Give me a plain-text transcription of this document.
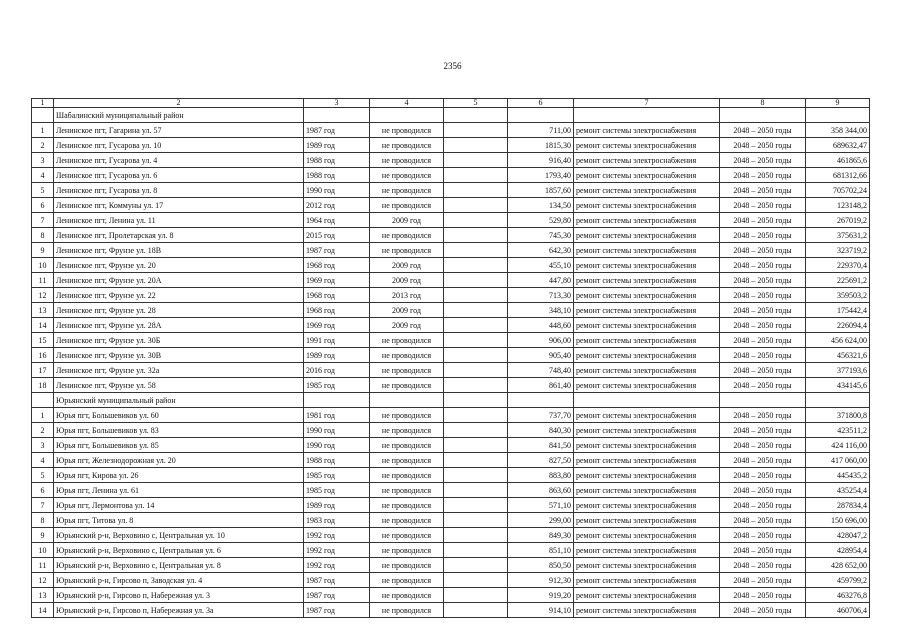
2356
1	2	3	4	5	6	7	8	9
	Шабалинский муниципальный район							
1	Ленинское пгт, Гагарина ул. 57	1987 год	не проводился		711,00	ремонт системы электроснабжения	2048 – 2050 годы	358 344,00
2	Ленинское пгт, Гусарова ул. 10	1989 год	не проводился		1815,30	ремонт системы электроснабжения	2048 – 2050 годы	689632,47
3	Ленинское пгт, Гусарова ул. 4	1988 год	не проводился		916,40	ремонт системы электроснабжения	2048 – 2050 годы	461865,6
4	Ленинское пгт, Гусарова ул. 6	1988 год	не проводился		1793,40	ремонт системы электроснабжения	2048 – 2050 годы	681312,66
5	Ленинское пгт, Гусарова ул. 8	1990 год	не проводился		1857,60	ремонт системы электроснабжения	2048 – 2050 годы	705702,24
6	Ленинское пгт, Коммуны ул. 17	2012 год	не проводился		134,50	ремонт системы электроснабжения	2048 – 2050 годы	123148,2
7	Ленинское пгт, Ленина ул. 11	1964 год	2009 год		529,80	ремонт системы электроснабжения	2048 – 2050 годы	267019,2
8	Ленинское пгт, Пролетарская ул. 8	2015 год	не проводился		745,30	ремонт системы электроснабжения	2048 – 2050 годы	375631,2
9	Ленинское пгт, Фрунзе ул. 18В	1987 год	не проводился		642,30	ремонт системы электроснабжения	2048 – 2050 годы	323719,2
10	Ленинское пгт, Фрунзе ул. 20	1968 год	2009 год		455,10	ремонт системы электроснабжения	2048 – 2050 годы	229370,4
11	Ленинское пгт, Фрунзе ул. 20А	1969 год	2009 год		447,80	ремонт системы электроснабжения	2048 – 2050 годы	225691,2
12	Ленинское пгт, Фрунзе ул. 22	1968 год	2013 год		713,30	ремонт системы электроснабжения	2048 – 2050 годы	359503,2
13	Ленинское пгт, Фрунзе ул. 28	1968 год	2009 год		348,10	ремонт системы электроснабжения	2048 – 2050 годы	175442,4
14	Ленинское пгт, Фрунзе ул. 28А	1969 год	2009 год		448,60	ремонт системы электроснабжения	2048 – 2050 годы	226094,4
15	Ленинское пгт, Фрунзе ул. 30Б	1991 год	не проводился		906,00	ремонт системы электроснабжения	2048 – 2050 годы	456 624,00
16	Ленинское пгт, Фрунзе ул. 30В	1989 год	не проводился		905,40	ремонт системы электроснабжения	2048 – 2050 годы	456321,6
17	Ленинское пгт, Фрунзе ул. 32а	2016 год	не проводился		748,40	ремонт системы электроснабжения	2048 – 2050 годы	377193,6
18	Ленинское пгт, Фрунзе ул. 58	1985 год	не проводился		861,40	ремонт системы электроснабжения	2048 – 2050 годы	434145,6
	Юрьянский муниципальный район							
1	Юрья пгт, Большевиков ул. 60	1981 год	не проводился		737,70	ремонт системы электроснабжения	2048 – 2050 годы	371800,8
2	Юрья пгт, Большевиков ул. 83	1990 год	не проводился		840,30	ремонт системы электроснабжения	2048 – 2050 годы	423511,2
3	Юрья пгт, Большевиков ул. 85	1990 год	не проводился		841,50	ремонт системы электроснабжения	2048 – 2050 годы	424 116,00
4	Юрья пгт, Железнодорожная ул. 20	1988 год	не проводился		827,50	ремонт системы электроснабжения	2048 – 2050 годы	417 060,00
5	Юрья пгт, Кирова ул. 26	1985 год	не проводился		883,80	ремонт системы электроснабжения	2048 – 2050 годы	445435,2
6	Юрья пгт, Ленина ул. 61	1985 год	не проводился		863,60	ремонт системы электроснабжения	2048 – 2050 годы	435254,4
7	Юрья пгт, Лермонтова ул. 14	1989 год	не проводился		571,10	ремонт системы электроснабжения	2048 – 2050 годы	287834,4
8	Юрья пгт, Титова ул. 8	1983 год	не проводился		299,00	ремонт системы электроснабжения	2048 – 2050 годы	150 696,00
9	Юрьянский р-н, Верховино с, Центральная ул. 10	1992 год	не проводился		849,30	ремонт системы электроснабжения	2048 – 2050 годы	428047,2
10	Юрьянский р-н, Верховино с, Центральная ул. 6	1992 год	не проводился		851,10	ремонт системы электроснабжения	2048 – 2050 годы	428954,4
11	Юрьянский р-н, Верховино с, Центральная ул. 8	1992 год	не проводился		850,50	ремонт системы электроснабжения	2048 – 2050 годы	428 652,00
12	Юрьянский р-н, Гирсово п, Заводская ул. 4	1987 год	не проводился		912,30	ремонт системы электроснабжения	2048 – 2050 годы	459799,2
13	Юрьянский р-н, Гирсово п, Набережная ул. 3	1987 год	не проводился		919,20	ремонт системы электроснабжения	2048 – 2050 годы	463276,8
14	Юрьянский р-н, Гирсово п, Набережная ул. 3а	1987 год	не проводился		914,10	ремонт системы электроснабжения	2048 – 2050 годы	460706,4
